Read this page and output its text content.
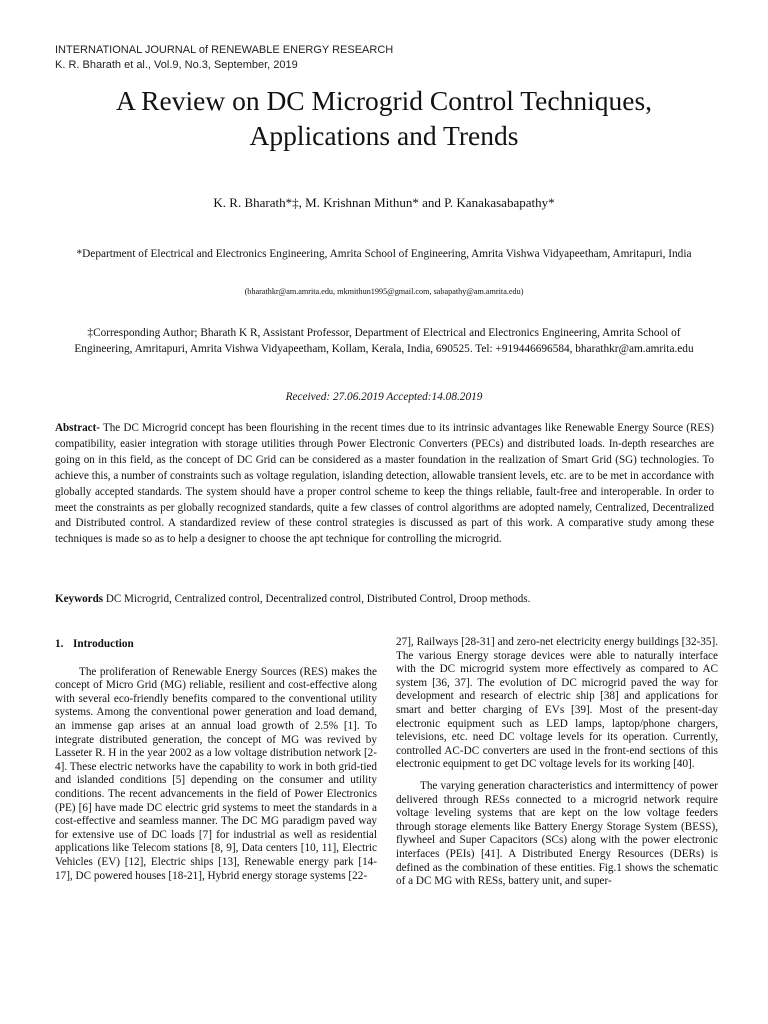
INTERNATIONAL JOURNAL of RENEWABLE ENERGY RESEARCH
K. R. Bharath et al., Vol.9, No.3, September, 2019
A Review on DC Microgrid Control Techniques,
Applications and Trends
K. R. Bharath*‡, M. Krishnan Mithun* and P. Kanakasabapathy*
*Department of Electrical and Electronics Engineering, Amrita School of Engineering, Amrita Vishwa Vidyapeetham, Amritapuri, India
(bharathkr@am.amrita.edu, mkmithun1995@gmail.com, sabapathy@am.amrita.edu)
‡Corresponding Author; Bharath K R, Assistant Professor, Department of Electrical and Electronics Engineering, Amrita School of Engineering, Amritapuri, Amrita Vishwa Vidyapeetham, Kollam, Kerala, India, 690525. Tel: +919446696584, bharathkr@am.amrita.edu
Received: 27.06.2019 Accepted:14.08.2019
Abstract- The DC Microgrid concept has been flourishing in the recent times due to its intrinsic advantages like Renewable Energy Source (RES) compatibility, easier integration with storage utilities through Power Electronic Converters (PECs) and distributed loads. In-depth researches are going on in this field, as the concept of DC Grid can be considered as a master foundation in the realization of Smart Grid (SG) technologies. To achieve this, a number of constraints such as voltage regulation, islanding detection, allowable transient levels, etc. are to be met in accordance with globally accepted standards. The system should have a proper control scheme to keep the things reliable, fault-free and interoperable. In order to meet the constraints as per globally recognized standards, quite a few classes of control algorithms are adopted namely, Centralized, Decentralized and Distributed control. A standardized review of these control strategies is discussed as part of this work. A comparative study among these techniques is made so as to help a designer to choose the apt technique for controlling the microgrid.
Keywords DC Microgrid, Centralized control, Decentralized control, Distributed Control, Droop methods.
1. Introduction

The proliferation of Renewable Energy Sources (RES) makes the concept of Micro Grid (MG) reliable, resilient and cost-effective along with several eco-friendly benefits compared to the conventional utility systems. Among the conventional power generation and load demand, an immense gap arises at an annual load growth of 2.5% [1]. To integrate distributed generation, the concept of MG was revived by Lasseter R. H in the year 2002 as a low voltage distribution network [2-4]. These electric networks have the capability to work in both grid-tied and islanded conditions [5] depending on the consumer and utility conditions. The recent advancements in the field of Power Electronics (PE) [6] have made DC electric grid systems to meet the standards in a cost-effective and seamless manner. The DC MG paradigm paved way for extensive use of DC loads [7] for industrial as well as residential applications like Telecom stations [8, 9], Data centers [10, 11], Electric Vehicles (EV) [12], Electric ships [13], Renewable energy park [14-17], DC powered houses [18-21], Hybrid energy storage systems [22-

27], Railways [28-31] and zero-net electricity energy buildings [32-35]. The various Energy storage devices were able to naturally interface with the DC microgrid system more effectively as compared to AC system [36, 37]. The evolution of DC microgrid paved the way for development and research of electric ship [38] and applications for smart and better charging of EVs [39]. Most of the present-day electronic equipment such as LED lamps, laptop/phone chargers, televisions, etc. need DC voltage levels for its operation. Currently, controlled AC-DC converters are used in the front-end sections of this electronic equipment to get DC voltage levels for its working [40].

The varying generation characteristics and intermittency of power delivered through RESs connected to a microgrid network require voltage leveling systems that are kept on the low voltage feeders through storage elements like Battery Energy Storage System (BESS), flywheel and Super Capacitors (SCs) along with the power electronic interfaces (PEIs) [41]. A Distributed Energy Resources (DERs) is defined as the combination of these entities. Fig.1 shows the schematic of a DC MG with RESs, battery unit, and super-
